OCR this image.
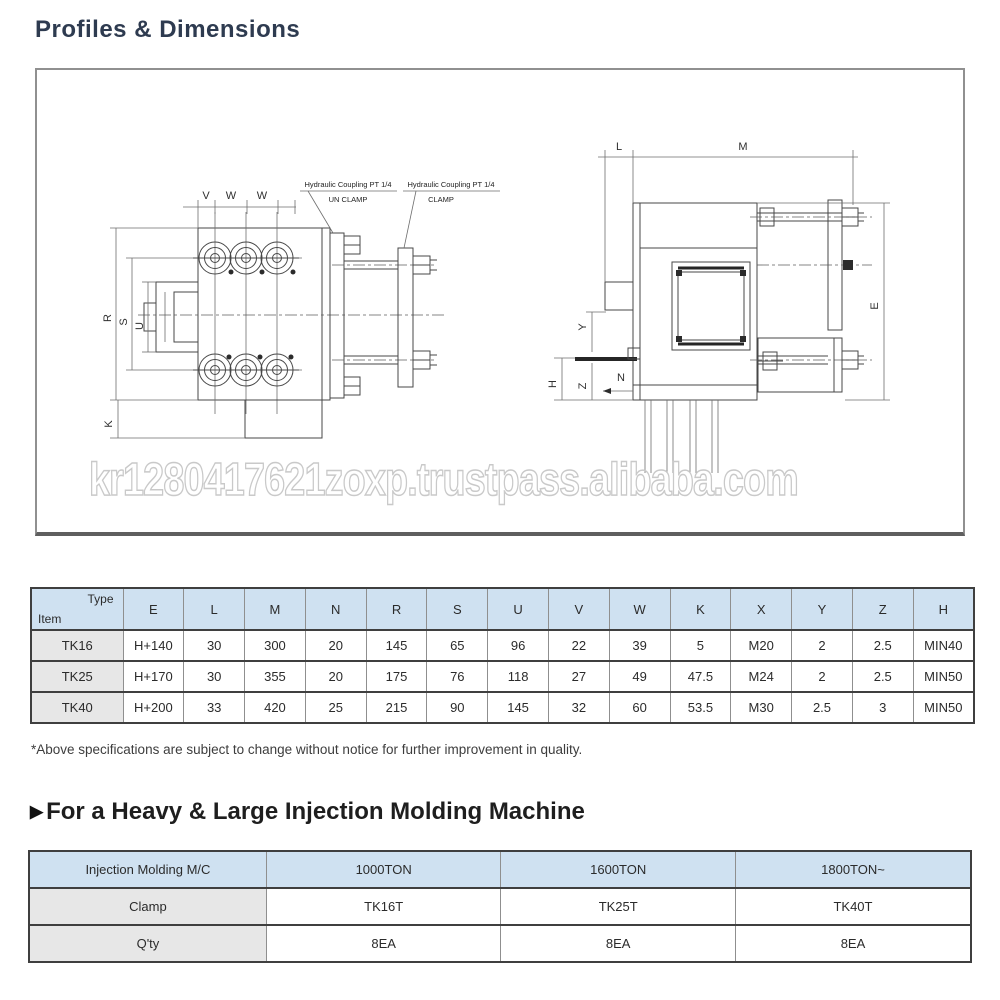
Profiles & Dimensions
V W W
R
S
U
K
Hydraulic Coupling PT 1/4
UN CLAMP
Hydraulic Coupling PT 1/4
CLAMP
L	M
E
Y
H Z
N
kr1280417621zoxp.trustpass.alibaba.com
Type
Item	E	L	M	N	R	S	U	V	W	K	X	Y	Z	H
TK16	H+140	30	300	20	145	65	96	22	39	5	M20	2	2.5	MIN40
TK25	H+170	30	355	20	175	76	118	27	49	47.5	M24	2	2.5	MIN50
TK40	H+200	33	420	25	215	90	145	32	60	53.5	M30	2.5	3	MIN50
*Above specifications are subject to change without notice for further improvement in quality.
▶ For a Heavy & Large Injection Molding Machine
Injection Molding M/C	1000TON	1600TON	1800TON~
Clamp	TK16T	TK25T	TK40T
Q'ty	8EA	8EA	8EA
